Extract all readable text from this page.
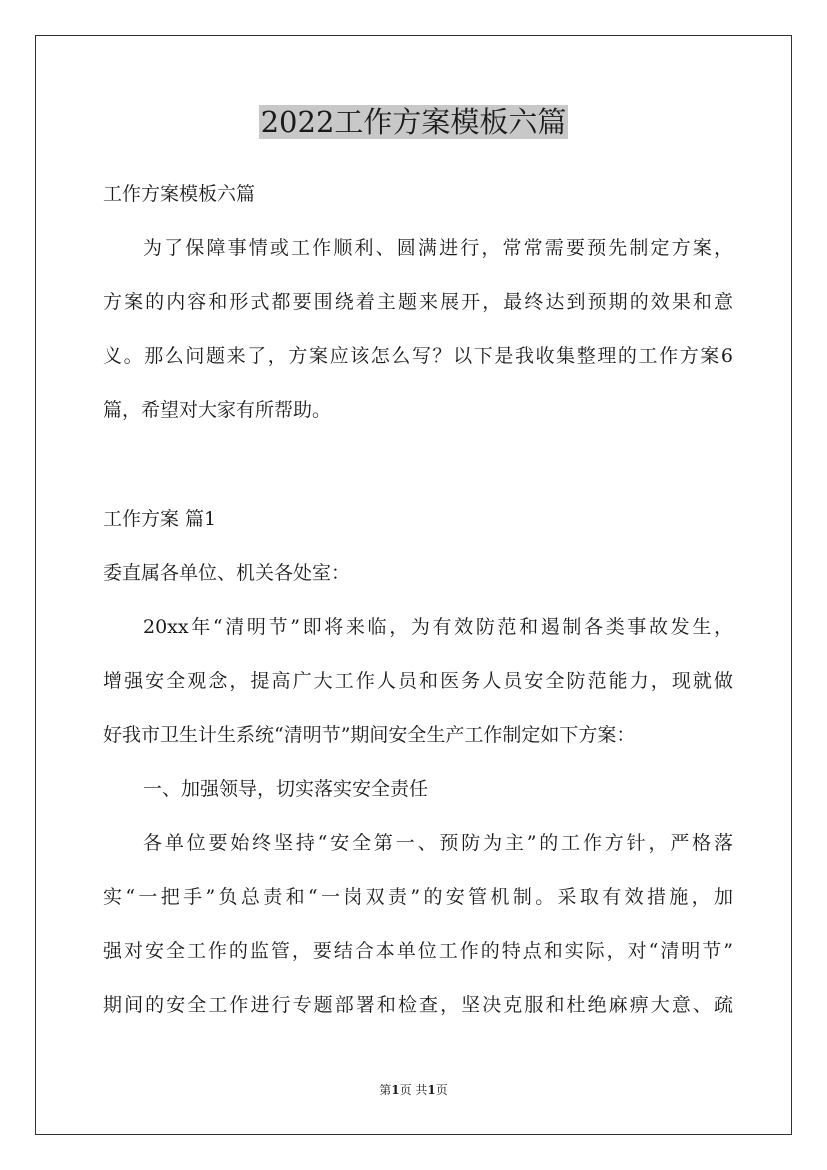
2022工作方案模板六篇

工作方案模板六篇

为了保障事情或工作顺利、圆满进行，常常需要预先制定方案，

方案的内容和形式都要围绕着主题来展开，最终达到预期的效果和意

义。那么问题来了，方案应该怎么写？以下是我收集整理的工作方案6

篇，希望对大家有所帮助。

工作方案 篇1

委直属各单位、机关各处室：

20xx年“清明节”即将来临，为有效防范和遏制各类事故发生，

增强安全观念，提高广大工作人员和医务人员安全防范能力，现就做

好我市卫生计生系统“清明节”期间安全生产工作制定如下方案：

一、加强领导，切实落实安全责任

各单位要始终坚持“安全第一、预防为主”的工作方针，严格落

实“一把手”负总责和“一岗双责”的安管机制。采取有效措施，加

强对安全工作的监管，要结合本单位工作的特点和实际，对“清明节”

期间的安全工作进行专题部署和检查，坚决克服和杜绝麻痹大意、疏

第1页 共1页
